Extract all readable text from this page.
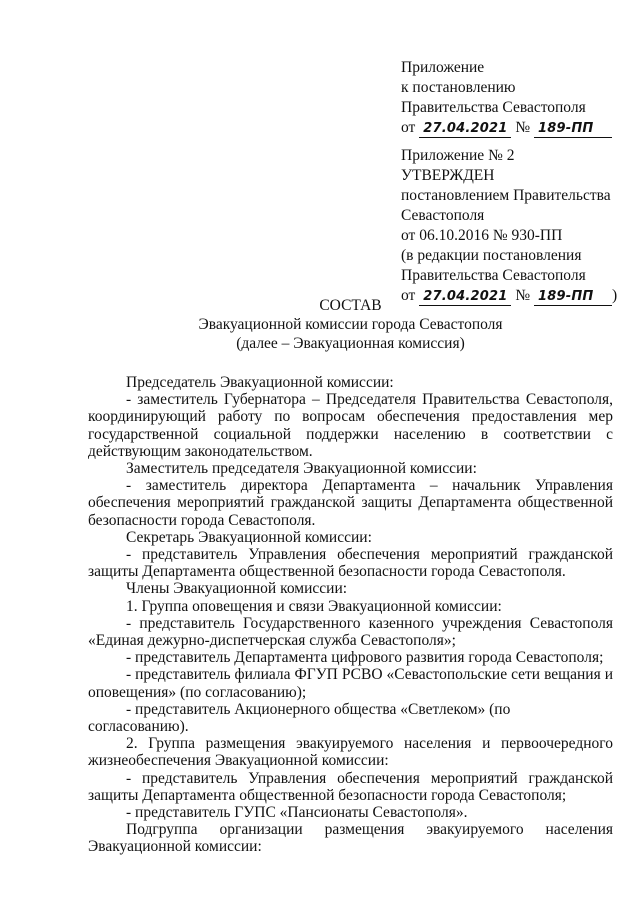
Приложение
к постановлению
Правительства Севастополя
от 27.04.2021 № 189-ПП
Приложение № 2
УТВЕРЖДЕН
постановлением Правительства
Севастополя
от 06.10.2016 № 930-ПП
(в редакции постановления
Правительства Севастополя
от 27.04.2021 № 189-ПП )
СОСТАВ
Эвакуационной комиссии города Севастополя
(далее – Эвакуационная комиссия)

Председатель Эвакуационной комиссии:

- заместитель Губернатора – Председателя Правительства Севастополя, координирующий работу по вопросам обеспечения предоставления мер государственной социальной поддержки населению в соответствии с действующим законодательством.

Заместитель председателя Эвакуационной комиссии:

- заместитель директора Департамента – начальник Управления обеспечения мероприятий гражданской защиты Департамента общественной безопасности города Севастополя.

Секретарь Эвакуационной комиссии:

- представитель Управления обеспечения мероприятий гражданской защиты Департамента общественной безопасности города Севастополя.

Члены Эвакуационной комиссии:

1. Группа оповещения и связи Эвакуационной комиссии:

- представитель Государственного казенного учреждения Севастополя «Единая дежурно-диспетчерская служба Севастополя»;

- представитель Департамента цифрового развития города Севастополя;

- представитель филиала ФГУП РСВО «Севастопольские сети вещания и оповещения» (по согласованию);

- представитель Акционерного общества «Светлеком» (по согласованию).

2. Группа размещения эвакуируемого населения и первоочередного жизнеобеспечения Эвакуационной комиссии:

- представитель Управления обеспечения мероприятий гражданской защиты Департамента общественной безопасности города Севастополя;

- представитель ГУПС «Пансионаты Севастополя».

Подгруппа организации размещения эвакуируемого населения Эвакуационной комиссии:
